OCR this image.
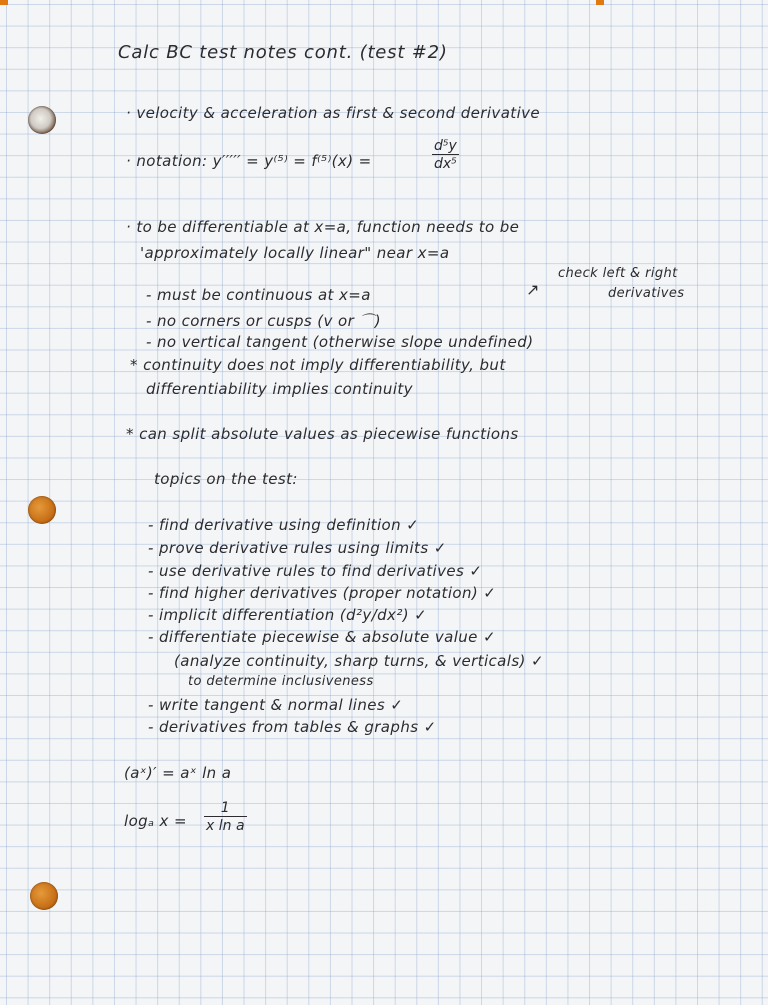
Calc BC test notes cont. (test #2)
· velocity & acceleration as first & second derivative
· notation: y′′′′′ = y⁽⁵⁾ = f⁽⁵⁾(x) =	$\frac{\text{d⁵y}}{\text{dx⁵}}$
· to be differentiable at x=a, function needs to be
'approximately locally linear" near x=a
check left & right
derivatives
↗
- must be continuous at x=a
- no corners or cusps (v or ⌒)
- no vertical tangent (otherwise slope undefined)
* continuity does not imply differentiability, but
differentiability implies continuity
* can split absolute values as piecewise functions
topics on the test:
- find derivative using definition ✓
- prove derivative rules using limits ✓
- use derivative rules to find derivatives ✓
- find higher derivatives (proper notation) ✓
- implicit differentiation (d²y/dx²) ✓
- differentiate piecewise & absolute value ✓
(analyze continuity, sharp turns, & verticals) ✓
to determine inclusiveness
- write tangent & normal lines ✓
- derivatives from tables & graphs ✓
(aˣ)′ = aˣ ln a
logₐ $x = \frac{1}{\text{x ln a}}$
